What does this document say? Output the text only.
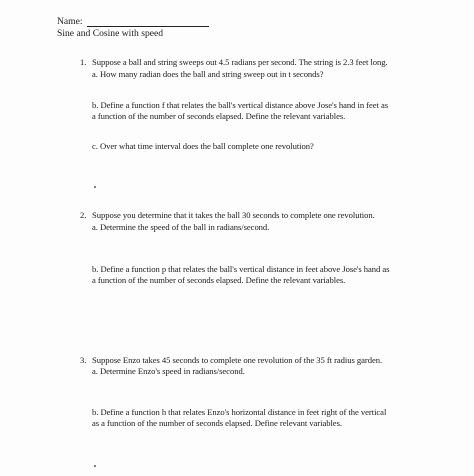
Name:
Sine and Cosine with speed
1. Suppose a ball and string sweeps out 4.5 radians per second. The string is 2.3 feet long.
a. How many radian does the ball and string sweep out in t seconds?
b. Define a function f that relates the ball's vertical distance above Jose's hand in feet as
a function of the number of seconds elapsed. Define the relevant variables.
c. Over what time interval does the ball complete one revolution?
2. Suppose you determine that it takes the ball 30 seconds to complete one revolution.
a. Determine the speed of the ball in radians/second.
b. Define a function p that relates the ball's vertical distance in feet above Jose's hand as
a function of the number of seconds elapsed. Define the relevant variables.
3. Suppose Enzo takes 45 seconds to complete one revolution of the 35 ft radius garden.
a. Determine Enzo's speed in radians/second.
b. Define a function h that relates Enzo's horizontal distance in feet right of the vertical
as a function of the number of seconds elapsed. Define relevant variables.
